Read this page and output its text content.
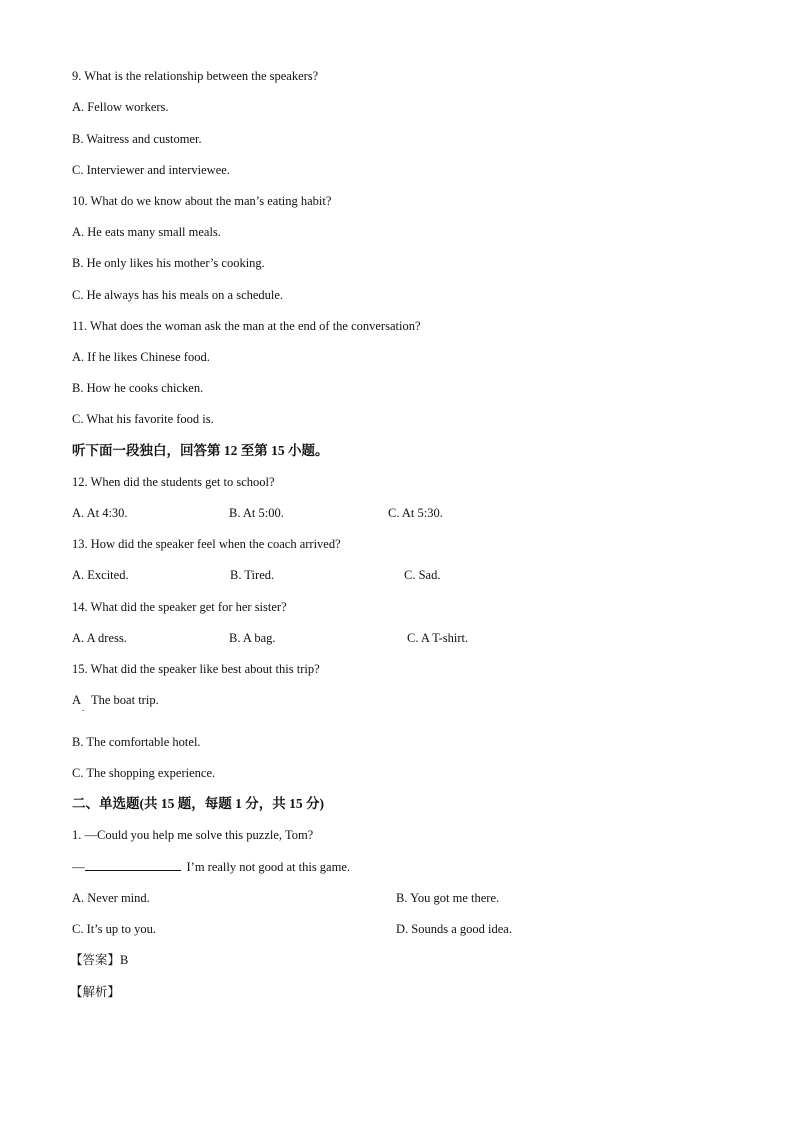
9. What is the relationship between the speakers?
A. Fellow workers.
B. Waitress and customer.
C. Interviewer and interviewee.
10. What do we know about the man’s eating habit?
A. He eats many small meals.
B. He only likes his mother’s cooking.
C. He always has his meals on a schedule.
11. What does the woman ask the man at the end of the conversation?
A. If he likes Chinese food.
B. How he cooks chicken.
C. What his favorite food is.
听下面一段独白，回答第 12 至第 15 小题。
12. When did the students get to school?
A. At 4:30.	B. At 5:00.	C. At 5:30.
13. How did the speaker feel when the coach arrived?
A. Excited.	B. Tired.	C. Sad.
14. What did the speaker get for her sister?
A. A dress.	B. A bag.	C. A T-shirt.
15. What did the speaker like best about this trip?
A The boat trip.
.
B. The comfortable hotel.
C. The shopping experience.
二、单选题(共 15 题，每题 1 分，共 15 分)
1. —Could you help me solve this puzzle, Tom?
—	I’m really not good at this game.
A. Never mind.	B. You got me there.
C. It’s up to you.	D. Sounds a good idea.
【答案】B
【解析】
